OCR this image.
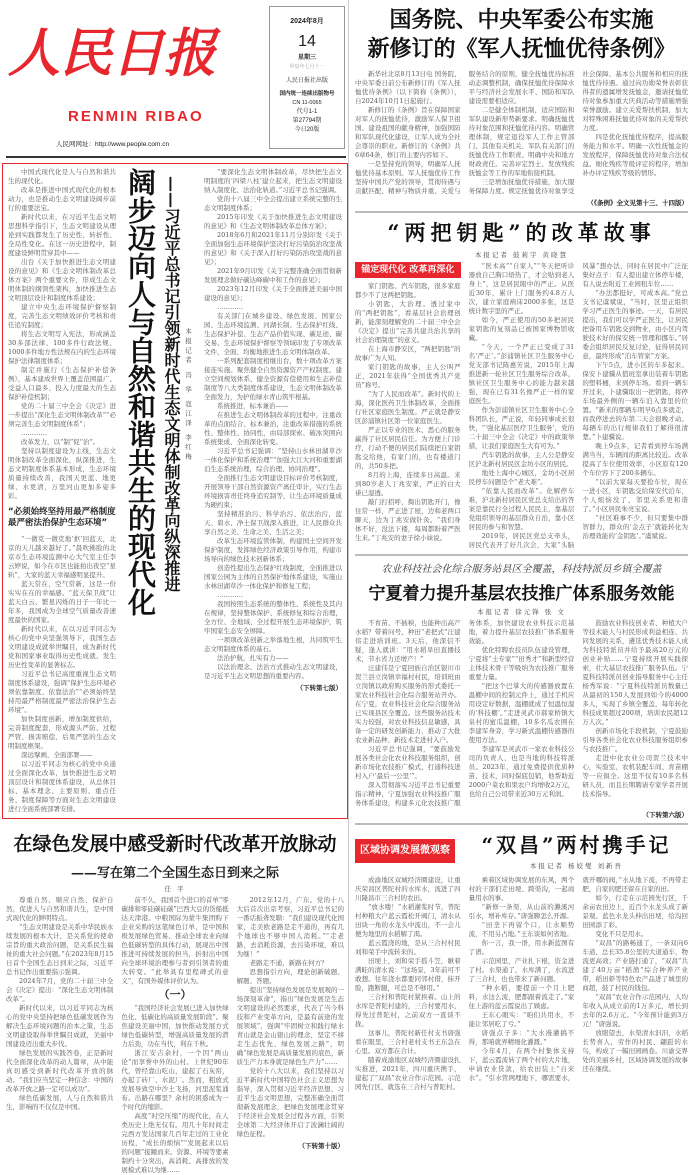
人民日报
RENMIN RIBAO
人民网网址：http://www.people.com.cn
2024年8月
14
星期三
甲辰年七月十一
人民日报社出版
国内统一连续出版物号
CN 11-0065
代号1-1
第27794期
今日20版

中国式现代化是人与自然和谐共生的现代化。

改革是推进中国式现代化的根本动力，也是推动生态文明建设阔步前行的重要法宝。

新时代以来，在习近平生态文明思想科学指引下，生态文明建设从理论到实践都发生了历史性、转折性、全局性变化。在这一历史进程中，制度建设鲜明贯穿其中——

出台《关于加快推进生态文明建设的意见》和《生态文明体制改革总体方案》两个重要文件，形成生态文明体制的纲领性架构，加快推进生态文明顶层设计和制度体系建设；

建立中央生态环境保护督察制度，完善生态文明绩效评价考核和责任追究制度；

将生态文明写入宪法，形成涵盖30多部法律、100多件行政法规、1000多件地方性法规在内的生态环境保护法律制度体系；

制定并施行《生态保护补偿条例》，基本建成世界上覆盖范围最广、受益人口最多、投入力度最大的生态保护补偿机制；

党的二十届三中全会《决定》进一步提出“深化生态文明体制改革”“必须完善生态文明制度体系”；

…………

改革发力，以“制”促“治”。

坚持以制度建设为主线，生态文明体制改革全面深化，纵深推进，生态文明制度体系基本形成，生态环境质量持续改善，我国天更蓝、地更绿、水更清，万里河山更加多姿多彩。

“必须始终坚持用最严格制度最严密法治保护生态环境”

“一微克一微克地‘抠’回蓝天，北京的天儿越来越好了。”晨吹拂脸的北京市生态环境监测中心大气室主任李云婷说，如今在市区也能拍出夜空“星轨”，大家的蓝天幸福感明显提升。

蓝天常在，空气常新，这是一份实实在在的幸福感。“蓝天保卫战”让蓝天白云、繁星闪烁的日子一年比一年多，我国成为全球空气质量改善速度最快的国家。

新时代以来，在以习近平同志为核心的党中央坚强领导下，我国生态文明建设成就举世瞩目，成为新时代党和国家事业取得历史性成就、发生历史性变革的显著标志。

习近平总书记高度重视生态文明制度体系建设，强调“保护生态环境必须依靠制度、依靠法治”“必须始终坚持用最严格制度最严密法治保护生态环境”。

加快制度创新，增加制度供给，完善制度配套，形成源头严防、过程严管、损害赔偿、后果严惩的生态文明制度框架。

深远擘画，全面部署——

以习近平同志为核心的党中央通过全面深化改革，加快推进生态文明顶层设计和制度体系建设，从总体目标、基本理念、主要原则、重点任务、制度保障等方面对生态文明建设进行全面系统部署安排。

阔步迈向人与自然和谐共生的现代化 ——习近平总书记引领新时代生态文明体制改革向纵深推进 本报记者 冯 华 寇江泽 李红梅

“要深化生态文明体制改革，尽快把生态文明制度的‘四梁八柱’建立起来，把生态文明建设纳入制度化、法治化轨道。”习近平总书记强调。

党的十八届三中全会提出建立系统完整的生态文明制度体系；

2015年印发《关于加快推进生态文明建设的意见》和《生态文明体制改革总体方案》；

2018年6月和2021年11月分别印发《关于全面加强生态环境保护坚决打好污染防治攻坚战的意见》和《关于深入打好污染防治攻坚战的意见》；

2021年9月印发《关于完整准确全面贯彻新发展理念做好碳达峰碳中和工作的意见》；

2023年12月印发《关于全面推进美丽中国建设的意见》；

…………

有关部门在城乡建设、绿色发展、国家公园、生态环境监测、河湖长制、生态保护红线、生态保护补偿、生态产品价值实现、碳足迹、碳交易、生态环境保护督察等领域印发了专项改革文件，全面、均衡地推进生态文明体制改革。

一系列配套制度相继出台，数十项改革方案接连实施。聚焦健全自然资源资产产权制度、建立空间规划体系、健全资源有偿使用和生态补偿制度等八大类制度体系建设，生态文明体制改革全面发力，为护佑绿水青山筑牢根基。

系统推进，标本兼治——

在推进生态文明体制改革的过程中，注重改革的点面结合、标本兼治，注重改革措施的系统性、整体性、协同性，由局部探索、破冰突围向系统集成、全面深化转变。

习近平总书记强调：“坚持山水林田湖草沙一体化保护和系统治理”“加强大江大河和重要湖泊生态系统治理，综合治理、协同治理”。

全面推行生态文明建设目标评价考核制度，开展领导干部自然资源资产离任审计，实行生态环境损害责任终身追究制等，让生态环境质量成为硬约束；

坚持精准治污、科学治污、依法治污，蓝天、碧水、净土保卫战深入推进，让人民群众共享自然之美、生命之美、生活之美；

改革生态环境监管体制，构建国土空间开发保护制度，发挥绿色经济政策引导作用，构建市场导向的绿色技术创新体系；

创造性提出生态保护红线制度，全面推进以国家公园为主体的自然保护地体系建设，实施山水林田湖草沙一体化保护和修复工程；

…………

我国按照生态系统的整体性、系统性及其内在规律，坚持整体保护、系统修复和综合治理，全方位、全地域、全过程开展生态环境保护，筑牢国家生态安全屏障。

一项项改革创新之举落地生根，共同筑牢生态文明制度体系的基石。

法治护航，扎实有力——

以法治理念、法治方式推动生态文明建设，是习近平生态文明思想的重要内容。

（下转第七版）
在绿色发展中感受新时代改革开放脉动
——写在第二个全国生态日到来之际
任 平

尊重自然、顺应自然、保护自然，促进人与自然和谐共生，是中国式现代化的鲜明特点。

“生态文明建设是关系中华民族永续发展的根本大计，是关系党的使命宗旨的重大政治问题，是关系民生福祉的重大社会问题。”在2023年8月15日首个全国生态日到来之际，习近平总书记作出重要指示强调。

2024年7月，党的二十届三中全会《决定》提出：“深化生态文明体制改革”。

新时代以来，以习近平同志为核心的党中央坚持把绿色低碳发展作为解决生态环境问题的治本之策，生态文明建设取得举世瞩目成就，美丽中国建设迈出重大步伐。

绿色发展的实践答卷，正是新时代全面深化改革的动人篇章，从中能真切感受到新时代改革开放的脉动。“我们应当坚定一种信念：中国的改革开放之路一定可以成功”。

绿色低碳发展，人与自然和谐共生，影响的不仅仅是中国。

前不久，我国首个进口的首单“零碳排和零硅碳硅碳”巴西大豆的货船抵达天津港。中粮国际为蒙牛集团购下企业采购的这笔绿色订单，是中国积极发展绿色贸易、推动全球农业向绿色低碳转型的具体行动，展现出中国推进可持续发展的担当，折射出中国向全球环境治理参与者到引领者的重大转变。“此举具有里程碑式的意义”，有国外媒体评价认为。

（一）

“我国经济社会发展已进入加快绿色化、低碳化的高质量发展阶段”。聚焦建设美丽中国，加快推动发展方式绿色低碳转型，增强高质量发展的潜力后劲，功在当代，利在千秋。

浙江安吉余村，一个因“两山论”而享誉中外的山村。上世纪90年代，曾经靠山吃山，建起了石灰窑，办起了砖厂、水泥厂。然而，粗放式发展导致空中沙土飞扬，河里泥浆涌布。出路在哪里？余村的困惑成为一个时代的缩影。

高度“时空压缩”的现代化，在人类历史上绝无仅有。用几十年时间走完西方发达国家几百年走过的工业化历程，“成长的烦恼”“发展起来以后的问题”接踵而来。资源、环境等要素制约十分突出，高消耗、高排放的发展模式难以为继……

2012年12月，广东。党的十八大后首次出京考察，习近平总书记的一番话振聋发聩：“我们建设现代化国家，走美欧老路是走不通的，再有几个地球也不够中国人消耗。”“走老路，去消耗资源，去污染环境，难以为继！”

老路走不通，新路在何方？

思想指引方向，理论创新破题、解题、答题。

提出“坚持绿色发展是发展观的一场深刻革命”，指出“绿色发展是生态文明建设的必然要求，代表了当今科技和产业变革方向，是最有前途的发展领域”，强调“牢固树立和践行绿水青山就是金山银山的理念，坚定不移走生态优先、绿色发展之路”，明确“绿色发展是高质量发展的底色，新质生产力本身就是绿色生产力”……

党的十八大以来，我们坚持以习近平新时代中国特色社会主义思想为指导，深入贯彻习近平经济思想、习近平生态文明思想，完整准确全面贯彻新发展理念，把绿色发展理念贯穿于经济社会发展全过程各方面，引领全球第二大经济体开启了波澜壮阔的绿色征程。

（下转第十版）
国务院、中央军委公布实施
新修订的《军人抚恤优待条例》

新华社北京8月13日电 国务院、中央军委日前公布新修订的《军人抚恤优待条例》（以下简称《条例》），自2024年10月1日起施行。

新修订的《条例》旨在保障国家对军人的抚恤优待，激励军人保卫祖国、建设祖国的献身精神，加强国防和军队现代化建设，让军人成为全社会尊崇的职业。新修订的《条例》共6章64条，修订的主要内容如下。

一是坚持党的领导，明确军人抚恤优待基本原则。军人抚恤优待工作坚持中国共产党的领导，贯彻待遇与贡献匹配、精神与物质并重、关爱与服务结合的原则，健全抚恤优待标准动态调整机制，确保抚恤优待保障水平与经济社会发展水平、国防和军队建设需要相适应。

二是健全体制机制，适应国防和军队建设新形势新要求。明确抚恤优待对象范围和抚恤优待内容。明确管理体制，规定退役军人工作主管部门、其他有关机关、军队有关部门的抚恤优待工作职责。明确中央和地方财政责任。完善评定烈士、发放残疾抚恤金等工作的军地衔接机制。

三是增加抚恤优待措施，加大服务保障力度。规定抚恤优待对象享受社会保障、基本公共服务和相应的抚恤优待待遇。通过向功勋荣誉表彰获得者的遗属增发抚恤金，邀请抚恤优待对象参加重大庆典活动等措施增强荣誉激励。建立关爱帮扶机制，加大对特殊困难抚恤优待对象的关爱帮扶力度。

四是优化抚恤优待程序，提高服务能力和水平。明确一次性抚恤金的发放程序，保障抚恤优待对象合法权益。细化残疾等级评定的程序，增加补办评定残疾等级的情形。

（《条例》全文见第十三、十四版）
“两把钥匙”的改革故事
本报记者 鼓莉宇 黄晓慧
锚定现代化 改革再深化

家门钥匙、汽车钥匙，很多家庭都少不了这两把钥匙。

小钥匙，大治理。透过家中的“两把钥匙”，看基层社会治理创新，能深刻理解党的二十届三中全会《决定》提出“完善共建共治共享的社会治理制度”的意义。

在上海市静安区，“两把钥匙”的故事广为人知。

家门钥匙的故事，主人公叫严正，2021年获得“全国优秀共产党员”称号。

“为了人民而改革”。新时代的上海，深化医药卫生体制改革，全面推行社区家庭医生制度。严正就是静安区彭浦镇社区第一位家庭医生。

严正以专业的医术、悉心的服务赢得了社区居民信任。为方便上门诊疗，行动不便的居民们陆续把自家钥匙交给他，有家门的，也有楼道门的，共50多把。

8月的上海，连续多日高温。来到80岁老人丁兆安家，严正的白大褂已湿透。

敲门打招呼，掏出钥匙开门，像往常一样，严正进了屋，边和老两口聊天，边为丁兆安做针灸。“我们身体不好，没法下楼，每周都盼着严医生来。”丁兆安的妻子徐小妹说。

“医术高”“自家人”“冬天把听诊器放自己胸口焐热了，才会贴到老人身上”，这是居民眼中的严正。从医近30年，累计上门服务约4.8万人次，建立家庭病床2000多张，这是统计数字里的严正。

如今，严正使用的50多把居民家钥匙的复刻品已被国家博物馆收藏。

“今天，一个严正已变成了31名‘严正’。”彭浦镇社区卫生服务中心党支部书记陈惠芳说，2015年上海推进新一轮社区卫生服务综合改革，镇社区卫生服务中心的能力越来越强，现在已有31名像严正一样的家庭医生。

作为彭浦镇社区卫生服务中心全科团队长，严正说，年轻同事成长很快，“‘强化基层医疗卫生服务’，党的二十届三中全会《决定》中的政策举措，让我们家庭医生大有可为。”

汽车钥匙的故事，主人公是静安区沪北新村居民区金坊小区的居民。

地处上海中心城区，金坊小区居民停车问题是个“老大难”。

“依靠人民而改革”。化解停车难，沪北新村居民区党总支给出的答案是靠民行全过程人民民主，靠基层党组织领导的基层群众自治，靠小区居民的参与和智慧。

2019年，居民区党总支牵头，居民代表开了好几次会，大家“头脑风暴”想办法，同时在居民中广泛征集好点子：有人提出建立体停车楼，有人说去附近工业园租车位……

“办法都挺好，可成本高。”党总支书记虞斌说，“当时，区里正组织学习严正医生的事迹。一天，有居民提出，我们可以学严正医生，让居民把备用车钥匙交到物业，由小区内驾驶技术好的保安统一管理和挪车。”居委会组织居民反复讨论，征得居民同意，最终形成“泊车管家”方案。

下午5点，进小区的车多起来。保安卜建骥从值班室拿出装着车钥匙的塑料桶，来到停车场。看到一辆车开过来，卜建骥取出一把钥匙，将停车场最外侧的一辆车泊入靠里的位置。“新来的那辆车明早6点多就走，而我停进去的车第二天会很晚才动。每辆车的出行规律我们了解得很清楚。”卜建骥说。

晚上9点多，记者看到停车场满满当当，车辆间的距离比较近。改革提高了车位使用效率，小区原有120个车位容下了200多辆车。

“以前大家每天要抢车位，现在一进小区，车钥匙交给保安代泊车，个人烦恼没了，邻里关系更和谐了。”小区居民朱亮宝说。

“社区难事不少，但只要集中群智群力，群众的‘金点子’就能转化为治理效能的‘金钥匙’。”虞斌说。

农业科技社会化综合服务站县区全覆盖，科技特派员乡镇全覆盖
宁夏着力提升基层农技推广体系服务效能
本报记者 徐元锋 张 文

不育苗、不插秧，也能种出高产水稻？带着问号，种田“老把式”汪建伟走进培训班。3天后，他深信不疑，逢人就讲：“用水稻旱田直播技术，节水省力还增产！”

汪建伟是宁夏回族自治区银川市贺兰县立岗镇幸福村村民，培训班由立岗镇以政府购买服务的形式委托一家农业科技社会化综合服务站开办。在宁夏，农业科技社会化综合服务站已实现县区全覆盖。这些服务站技术实力较强，对农业科技信息敏感，具备一定的研发创新能力，推动了大批农业新品种、新技术走进村入户。

习近平总书记强调，“要鼓励发展各类社会化农业科技服务组织，创新市场化农技推广模式，打通科技进村入户‘最后一公里’”。

深入贯彻落实习近平总书记重要指示精神，宁夏加强农业科技推广服务体系建设，构建多元化农技推广服务体系，加快建设农业科技示范基地，着力提升基层农技推广体系服务效能。

优化特聘农技员队伍建设管理，宁夏将“土专家”“田秀才”和新型经营主体技术骨干等吸纳为农技推广服务重要力量。

“把这个巴掌大的传感器放置在温棚中间的控制元件上，通过手机应用设定好数据，温棚就成了恒温恒湿的‘科技棚’。”走进灵武市郝家桥镇大泉村的蜜瓜温棚，10多名瓜农围在李建军身旁，学习新式温棚传感器的使用方法。

李建军是灵武市一家农业科技公司的负责人，也是当地的科技特派员。2023年，通过免费提供优质种苗、技术，同时保底包销，他帮助近2000户菜农和果农户均增收2万元，也给自己公司带来近30万元利润。

鼓励农业科技创业者、种植大户等技术能人与村民形成利益相连、共同发展的关系，遴选优秀技术能人成为科技特派员并给予最高20万元的创业补贴……宁夏持续开展实践探索，壮大基层农技推广服务队伍。宁夏科技特派员创业指导服务中心主任杨秀军说：“宁夏科技特派员数量已从最初的150人发展到如今的4000多人，实现了乡镇全覆盖，每年转化科技成果超过200项，培训农民超12万人次。”

创新市场化手段机制，宁夏鼓励引导各类社会化农业科技服务组织参与农技推广。

走进中化农业公司贺兰技术中心，实验室、农机装配车间、育苗棚等一应俱全。这里不仅有10多名科研人员，而且长期聘请专家学者开展技术指导。

（下转第六版）
区域协调发展微观察	“双昌”两村携手记
本报记者 杨姣燮 刘新吾

成渝地区双城经济圈建设，让重庆荣昌区普陀村的水库水，流进了四川隆昌市三合村的农田。

“放水喽！”水稻灌浆时节，普陀村种粮大户蓝云霞松开阀门，清水从田块一角的水龙头中流出，不一会儿便为地里的水稻解了渴。

蓝云霞浇的地，是从三合村村民刘和荣手中流转来的。

田埂上，刘和荣手摇斗笠，瞅着满畦的清水说：“这场景，3年前可不敢想。往年浇水都要同邻村借，抹开脸，跑断腿，可总是不够用。”

三合村和普陀村紧挨着。山上的水库是普陀村建的，三合村要用水，得先过普陀村，之前双方一直谈不拢。

这事儿，普陀村新任村支书唐强看在眼里，三合村老村支书王东急在心里。双方都在合计。

随着成渝地区双城经济圈建设扎实推进，2021年，四川重庆携手，建起了“双昌”农业合作示范园。示范园先行区，就选在三合村与普陀村。

乘着区域协调发展的东风，两个村的干部们走田埂、跨渠沟，一起商量用水的事。

“新修一条渠，从山前的濑溪河引水，增补库存。”唐强聊怎么开源。

“田垄下再留个口，让水顺势流，不用另占地。”王东谈如何省地。

你一言，我一语，用水新蓝图有了谱。

示范园里，产业扎下根，资金进了村。水渠通了，水库满了，水流进了三合村，也也带来了新问题。

“种水稻，要提前一个月上肥料，水这么流，肥都跟着流走了。”家住上游的蓝云霞说出了顾虑。

王东心眼实：“咱们共用水，不能让邻居吃了亏。”

唐强点子多：“大水漫灌搞不得，那咱就弄精细化灌溉。”

今年4月，在两个村集体支持下，蓝云霞流转了两个村的大片地，申请农业贷款，给农田装上“自来水”。“引水管网埋地下，哪需要水，就开哪的阀，”水从地下流，不再带走肥，自家的肥还留在自家的田。

如今，行走在示范园先行区，千余亩农田边上，近百个水龙头成了新景观。蓝色水龙头伸出田埂，给沟回田园添了彩。

变化不只是用水。

“双昌”的路畅通了，一条双向6车道、总长35.8公里的大道通车，物流更高效；产业链打通了，“双昌”共建了40万亩“稻渔”综合种养产业带，稻田虾等特色农产品进了城里的商超，鼓了村民的钱包。

“双昌”农业合作示范园内，人均年收入从成立前的1万多元，增长到去年的2.6万元。“今年预计能到3万元！”唐强说。

放眼望去，水渠清水汩汩，水稻长势喜人，劳作的村民、翩跹的水鸟，构成了一幅田园画卷。川渝交界处的美丽乡村，区域协调发展的故事还在继续。
